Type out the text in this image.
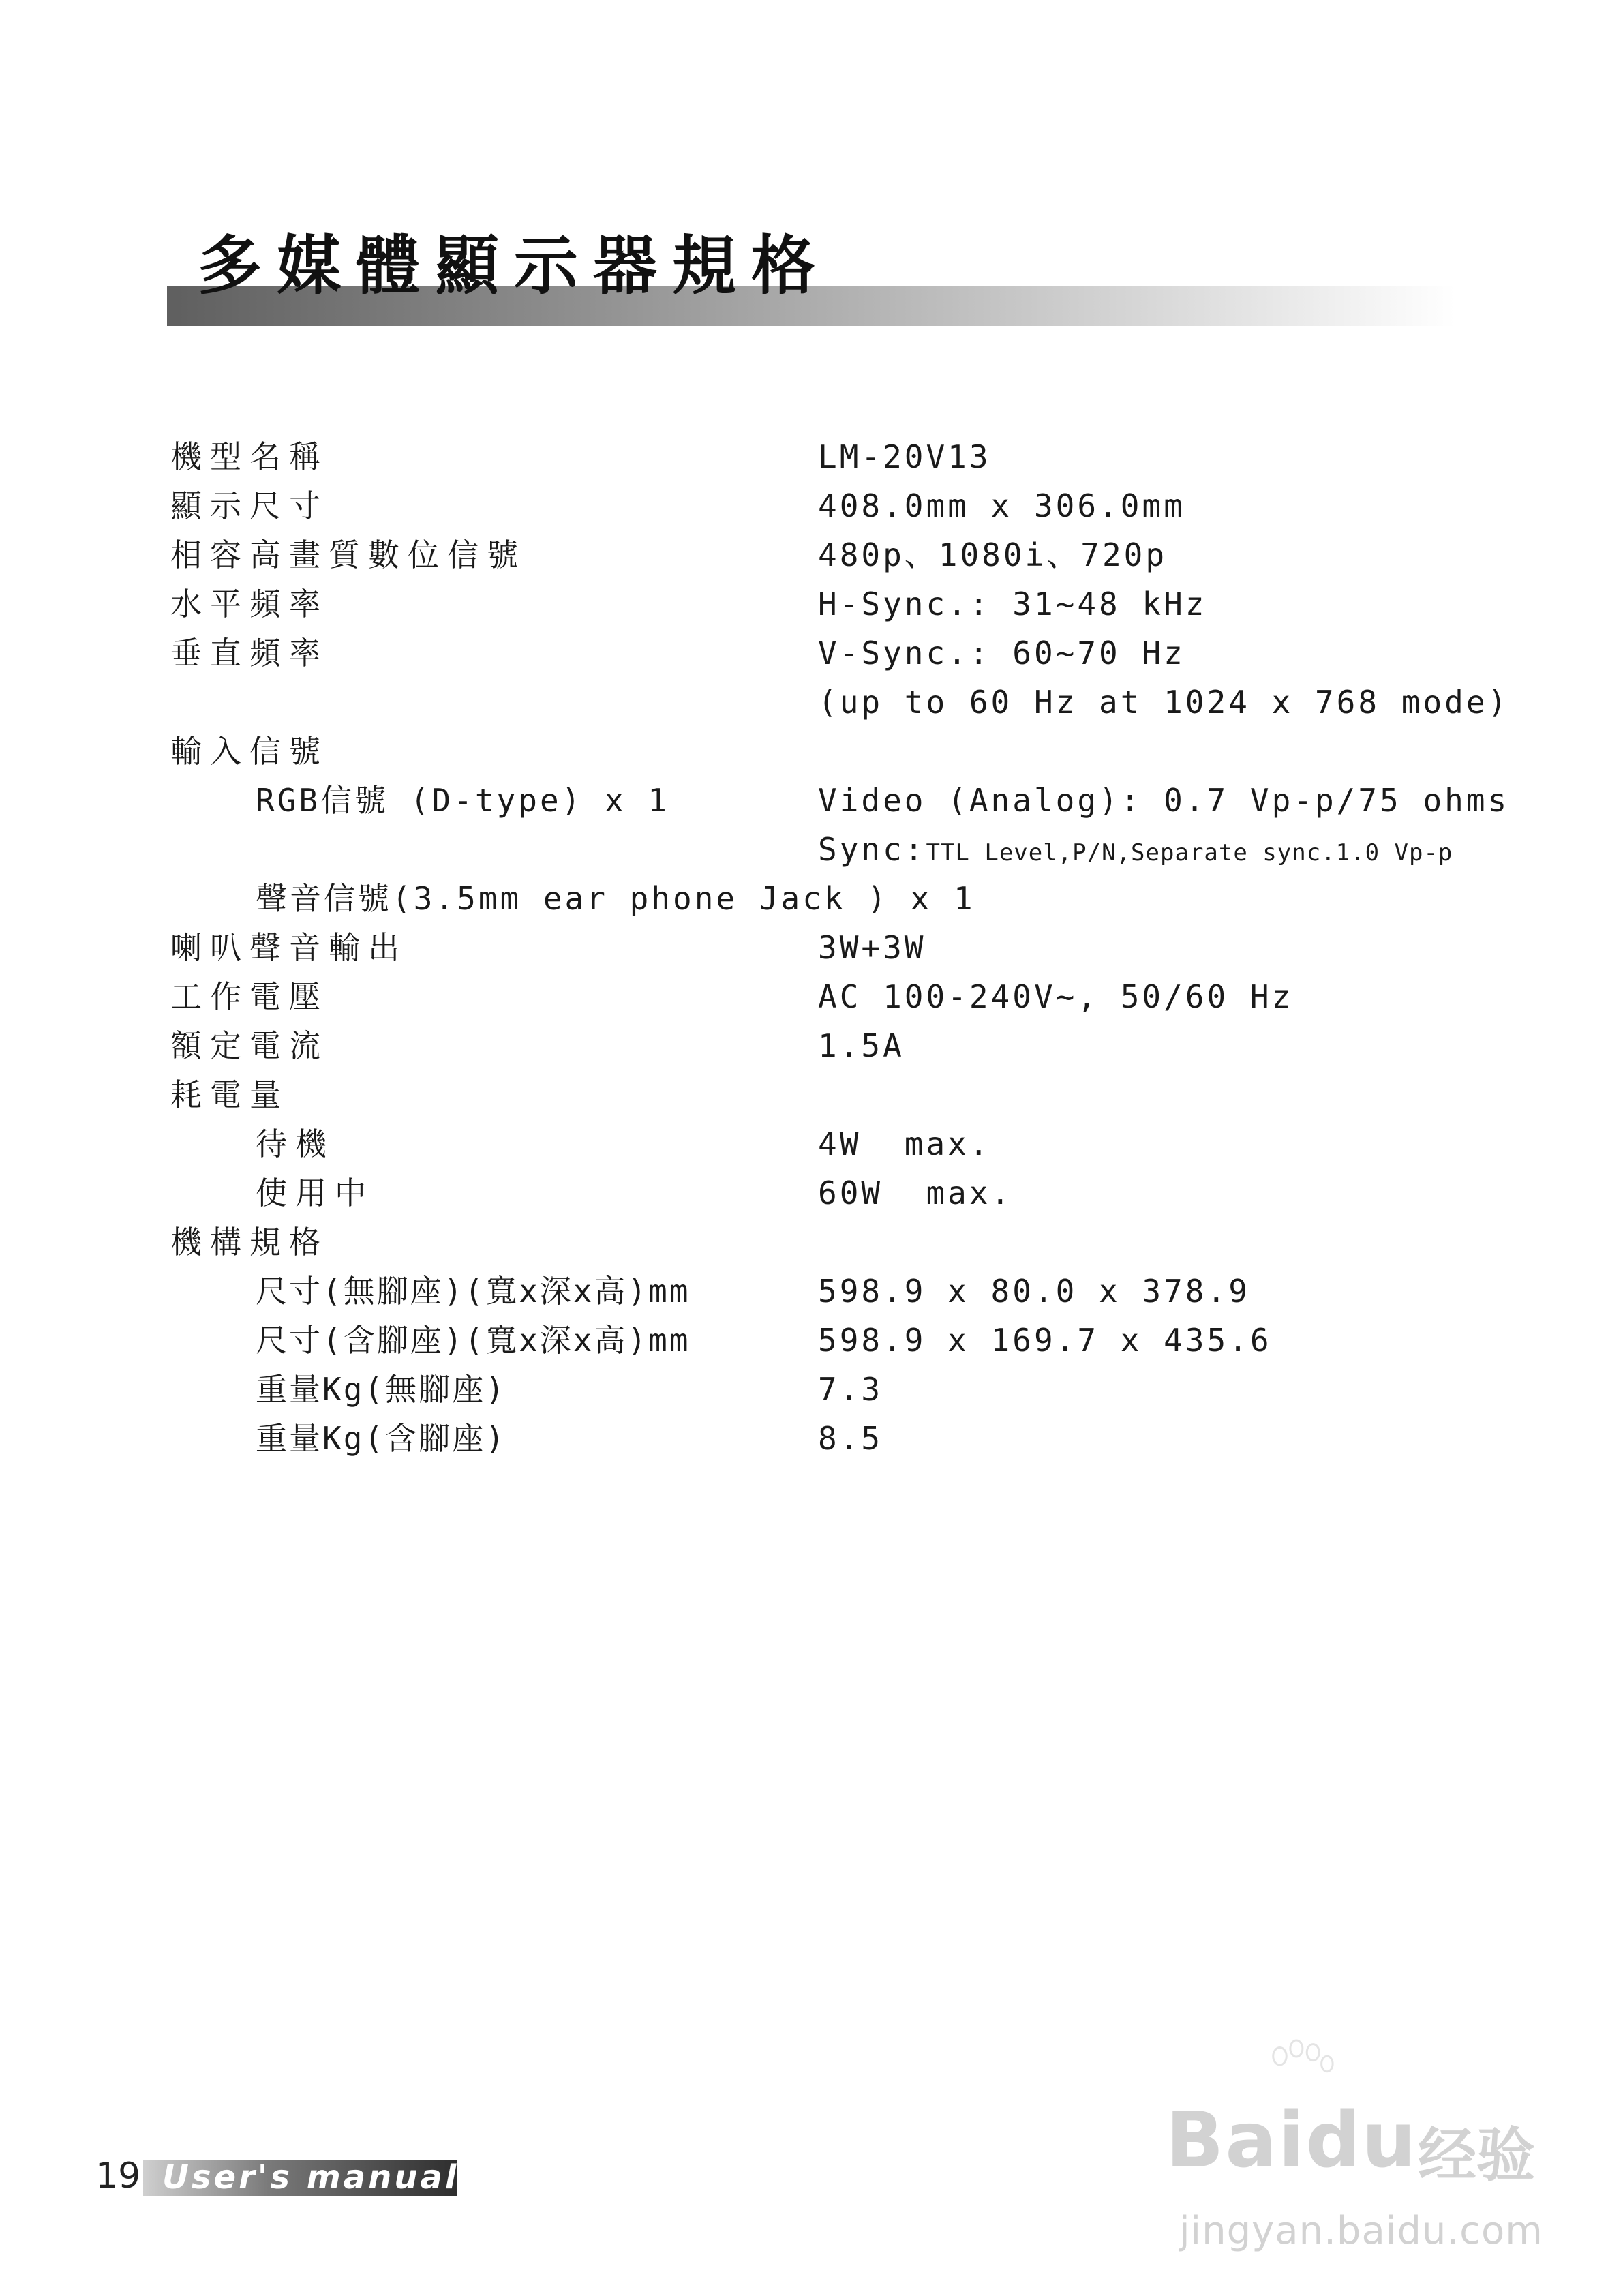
多媒體顯示器規格
機型名稱	LM-20V13
顯示尺寸	408.0mm x 306.0mm
相容高畫質數位信號	480p、1080i、720p
水平頻率	H-Sync.: 31~48 kHz
垂直頻率	V-Sync.: 60~70 Hz
(up to 60 Hz at 1024 x 768 mode)
輸入信號
RGB信號 (D-type) x 1	Video (Analog): 0.7 Vp-p/75 ohms
Sync:TTL Level,P/N,Separate sync.1.0 Vp-p
聲音信號(3.5mm ear phone Jack ) x 1
喇叭聲音輸出	3W+3W
工作電壓	AC 100-240V~, 50/60 Hz
額定電流	1.5A
耗電量
待機	4W  max.
使用中	60W  max.
機構規格
尺寸(無腳座)(寬x深x高)mm	598.9 x 80.0 x 378.9
尺寸(含腳座)(寬x深x高)mm	598.9 x 169.7 x 435.6
重量Kg(無腳座)	7.3
重量Kg(含腳座)	8.5
19 User's manual	Baidu 经验
jingyan.baidu.com
